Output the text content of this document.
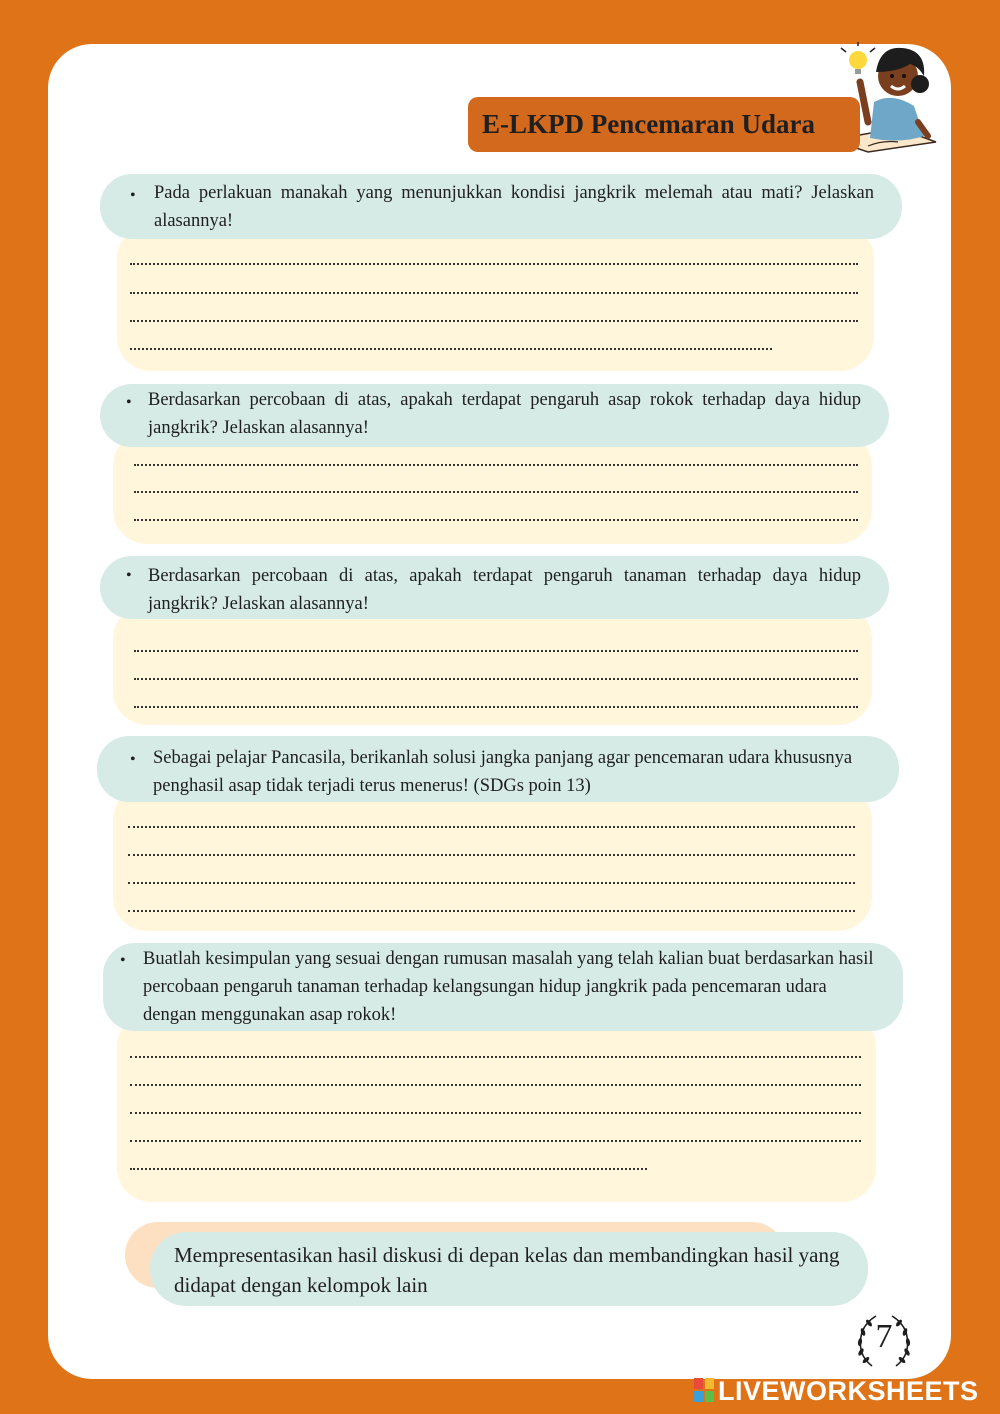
E-LKPD Pencemaran Udara
• Pada perlakuan manakah yang menunjukkan kondisi jangkrik melemah atau mati? Jelaskan alasannya!
• Berdasarkan percobaan di atas, apakah terdapat pengaruh asap rokok terhadap daya hidup jangkrik? Jelaskan alasannya!
• Berdasarkan percobaan di atas, apakah terdapat pengaruh tanaman terhadap daya hidup jangkrik? Jelaskan alasannya!
• Sebagai pelajar Pancasila, berikanlah solusi jangka panjang agar pencemaran udara khususnya penghasil asap tidak terjadi terus menerus! (SDGs poin 13)
• Buatlah kesimpulan yang sesuai dengan rumusan masalah yang telah kalian buat berdasarkan hasil percobaan pengaruh tanaman terhadap kelangsungan hidup jangkrik pada pencemaran udara dengan menggunakan asap rokok!
Mempresentasikan hasil diskusi di depan kelas dan membandingkan hasil yang didapat dengan kelompok lain
7
LIVEWORKSHEETS
